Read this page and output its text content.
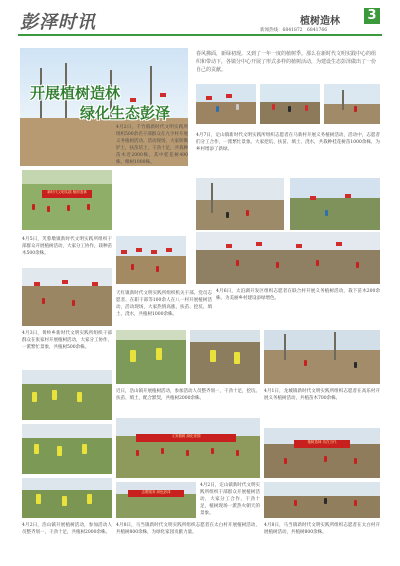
彭泽时讯	植树造林 3
新闻热线：6841872　6841766
春风拂面，新绿初现。又到了一年一度的植树季。那么在新时代文明实践中心的组织和带动下，各镇分中心开展了形式多样的植树活动，为建设生态彭泽做出了一份自己的贡献。
开展植树造林
绿化生态彭泽
新时代文明实践 植树造林
4月2日，千竹镇新时代文明实践所组织500余名干部群众在九字村开展义务植树活动。活动现场，大家挥锹铲土，扶苗培土，干劲十足，共栽种苗木近2000株，其中桂花树400株，樟树1000株。
4月7日，定山镇新时代文明实践所组织志愿者在马新村开展义务植树活动，活动中，志愿者们分工合作，一派繁忙景象。大家挖坑、扶苗、填土、浇水，共栽种桂花树苗1000余株，为乡村增添了新绿。
4月5日，芙蓉墩镇新时代文明实践所组织干部群众开展植树活动，大家分工协作，栽种苗木500余株。
天红镇新时代文明实践所组织机关干部、党员志愿者、在职干部等100余人在八一村开展植树活动，活动现场，大家热情高涨，扶苗、挖坑、填土、浇水，共植树1000余株。
4月6日，太泊湖开发区组织志愿者在联合村开展义务植树活动，栽下苗木200余株，为美丽乡村建设添绿增色。
4月3日，黄岭乡新时代文明实践所组织干部群众在张家村开展植树活动，大家分工协作，一派繁忙景象，共植树500余株。
近日，浩山镇开展植树活动，参加活动人员整齐划一，干劲十足，挖坑、扶苗、填土，配合默契，共植树2000余株。
4月1日，龙城镇新时代文明实践所组织志愿者在高乐村开展义务植树活动，共植苗木700余株。
义务植树 绿化家园
植树造林 功在当代
志愿服务 绿色彭泽
4月2日，定山镇新时代文明实践所组织干部群众开展植树活动，大家分工合作，干劲十足，植树现场一派热火朝天的景象。
4月2日，浩山镇开展植树活动，参加活动人员整齐划一，干劲十足，共植树2000余株。
4月8日，马当镇新时代文明实践所组织志愿者在太白村开展植树活动，共植树800余株，为绿化家园贡献力量。
4月8日，马当镇新时代文明实践所组织志愿者在太白村开展植树活动，共植树800余株。
